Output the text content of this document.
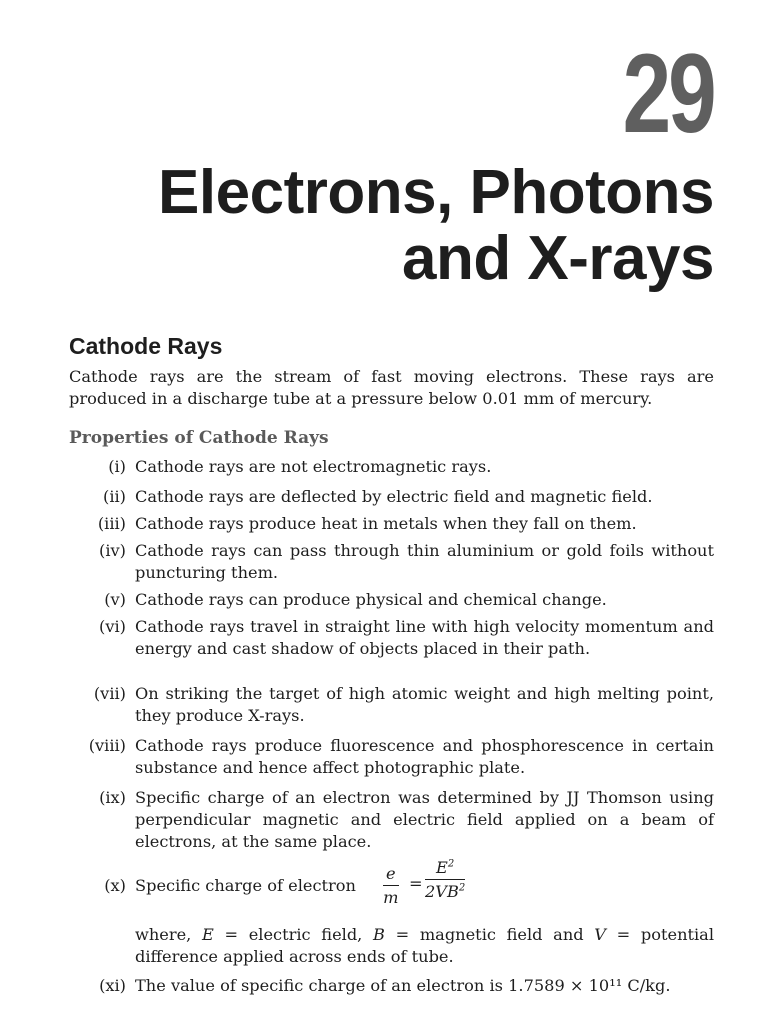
29
Electrons, Photons
and X-rays
Cathode Rays
Cathode rays are the stream of fast moving electrons. These rays are produced in a discharge tube at a pressure below 0.01 mm of mercury.
Properties of Cathode Rays
(i) Cathode rays are not electromagnetic rays.
(ii) Cathode rays are deflected by electric field and magnetic field.
(iii) Cathode rays produce heat in metals when they fall on them.
(iv) Cathode rays can pass through thin aluminium or gold foils without puncturing them.
(v) Cathode rays can produce physical and chemical change.
(vi) Cathode rays travel in straight line with high velocity momentum and energy and cast shadow of objects placed in their path.
(vii) On striking the target of high atomic weight and high melting point, they produce X-rays.
(viii) Cathode rays produce fluorescence and phosphorescence in certain substance and hence affect photographic plate.
(ix) Specific charge of an electron was determined by JJ Thomson using perpendicular magnetic and electric field applied on a beam of electrons, at the same place.
(x) Specific charge of electron	$\frac{e}{m} = \frac{E^2}{2VB^2}$
where, E = electric field, B = magnetic field and V = potential difference applied across ends of tube.
(xi) The value of specific charge of an electron is 1.7589 × 10¹¹ C/kg.
